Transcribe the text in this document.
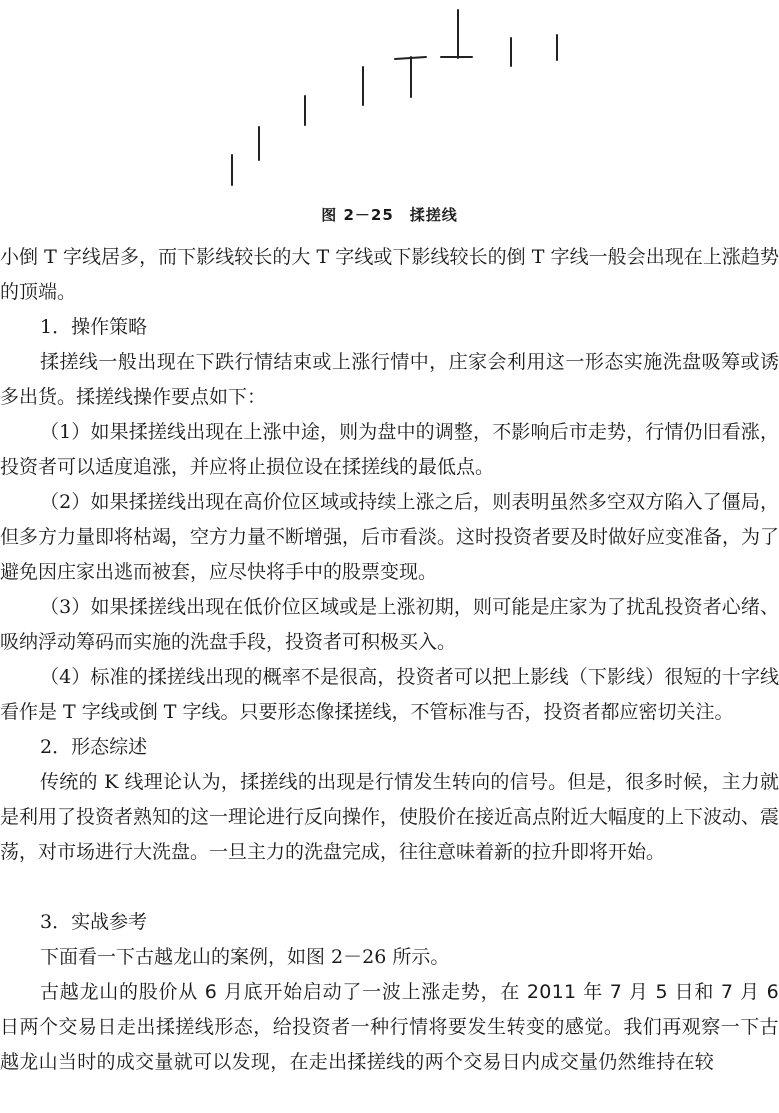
图 2－25　揉搓线

小倒 T 字线居多，而下影线较长的大 T 字线或下影线较长的倒 T 字线一般会出现在上涨趋势的顶端。

1．操作策略

揉搓线一般出现在下跌行情结束或上涨行情中，庄家会利用这一形态实施洗盘吸筹或诱多出货。揉搓线操作要点如下：

（1）如果揉搓线出现在上涨中途，则为盘中的调整，不影响后市走势，行情仍旧看涨，投资者可以适度追涨，并应将止损位设在揉搓线的最低点。

（2）如果揉搓线出现在高价位区域或持续上涨之后，则表明虽然多空双方陷入了僵局，但多方力量即将枯竭，空方力量不断增强，后市看淡。这时投资者要及时做好应变准备，为了避免因庄家出逃而被套，应尽快将手中的股票变现。

（3）如果揉搓线出现在低价位区域或是上涨初期，则可能是庄家为了扰乱投资者心绪、吸纳浮动筹码而实施的洗盘手段，投资者可积极买入。

（4）标准的揉搓线出现的概率不是很高，投资者可以把上影线（下影线）很短的十字线看作是 T 字线或倒 T 字线。只要形态像揉搓线，不管标准与否，投资者都应密切关注。

2．形态综述

传统的 K 线理论认为，揉搓线的出现是行情发生转向的信号。但是，很多时候，主力就是利用了投资者熟知的这一理论进行反向操作，使股价在接近高点附近大幅度的上下波动、震荡，对市场进行大洗盘。一旦主力的洗盘完成，往往意味着新的拉升即将开始。

3．实战参考

下面看一下古越龙山的案例，如图 2－26 所示。

古越龙山的股价从 6 月底开始启动了一波上涨走势，在 2011 年 7 月 5 日和 7 月 6 日两个交易日走出揉搓线形态，给投资者一种行情将要发生转变的感觉。我们再观察一下古越龙山当时的成交量就可以发现，在走出揉搓线的两个交易日内成交量仍然维持在较
